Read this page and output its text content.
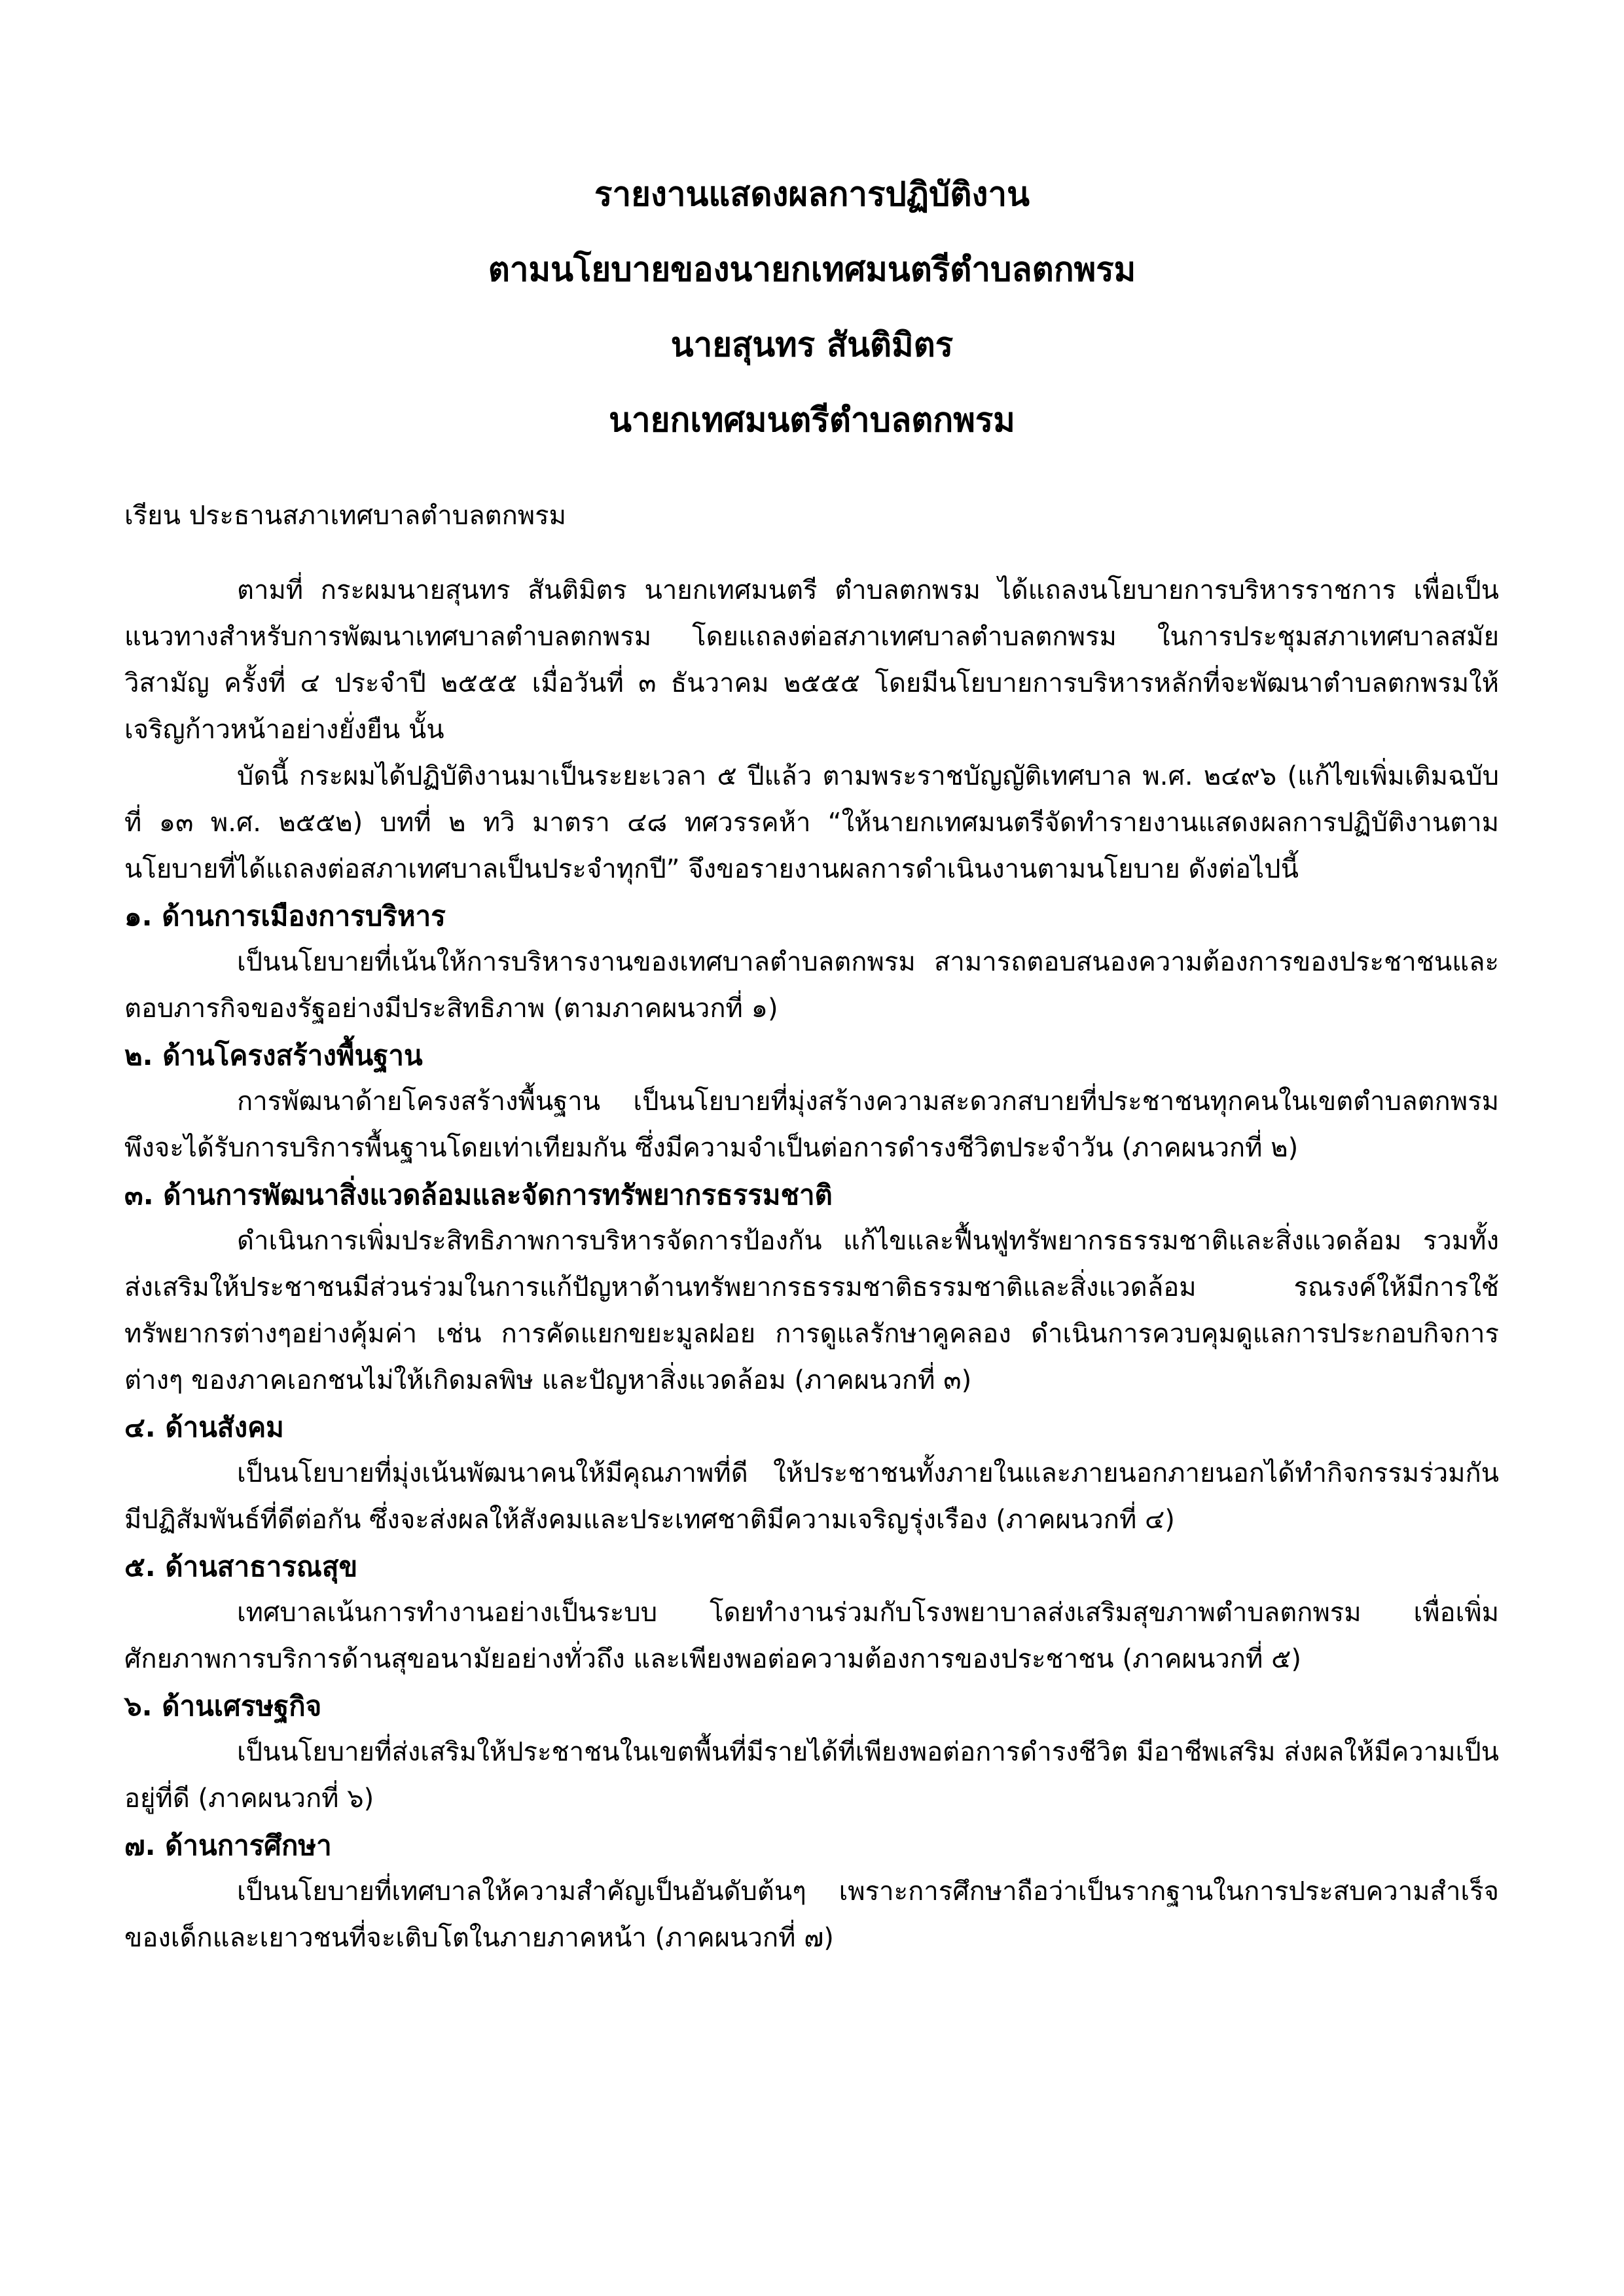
รายงานแสดงผลการปฏิบัติงาน
ตามนโยบายของนายกเทศมนตรีตำบลตกพรม
นายสุนทร สันติมิตร
นายกเทศมนตรีตำบลตกพรม

เรียน ประธานสภาเทศบาลตำบลตกพรม

ตามที่ กระผมนายสุนทร สันติมิตร นายกเทศมนตรี ตำบลตกพรม ได้แถลงนโยบายการบริหารราชการ เพื่อเป็นแนวทางสำหรับการพัฒนาเทศบาลตำบลตกพรม โดยแถลงต่อสภาเทศบาลตำบลตกพรม ในการประชุมสภาเทศบาลสมัยวิสามัญ ครั้งที่ ๔ ประจำปี ๒๕๕๕ เมื่อวันที่ ๓ ธันวาคม ๒๕๕๕ โดยมีนโยบายการบริหารหลักที่จะพัฒนาตำบลตกพรมให้เจริญก้าวหน้าอย่างยั่งยืน นั้น

บัดนี้ กระผมได้ปฏิบัติงานมาเป็นระยะเวลา ๕ ปีแล้ว ตามพระราชบัญญัติเทศบาล พ.ศ. ๒๔๙๖ (แก้ไขเพิ่มเติมฉบับที่ ๑๓ พ.ศ. ๒๕๕๒) บทที่ ๒ ทวิ มาตรา ๔๘ ทศวรรคห้า “ให้นายกเทศมนตรีจัดทำรายงานแสดงผลการปฏิบัติงานตามนโยบายที่ได้แถลงต่อสภาเทศบาลเป็นประจำทุกปี” จึงขอรายงานผลการดำเนินงานตามนโยบาย ดังต่อไปนี้

๑. ด้านการเมืองการบริหาร

เป็นนโยบายที่เน้นให้การบริหารงานของเทศบาลตำบลตกพรม สามารถตอบสนองความต้องการของประชาชนและตอบภารกิจของรัฐอย่างมีประสิทธิภาพ (ตามภาคผนวกที่ ๑)

๒. ด้านโครงสร้างพื้นฐาน

การพัฒนาด้ายโครงสร้างพื้นฐาน เป็นนโยบายที่มุ่งสร้างความสะดวกสบายที่ประชาชนทุกคนในเขตตำบลตกพรมพึงจะได้รับการบริการพื้นฐานโดยเท่าเทียมกัน ซึ่งมีความจำเป็นต่อการดำรงชีวิตประจำวัน (ภาคผนวกที่ ๒)

๓. ด้านการพัฒนาสิ่งแวดล้อมและจัดการทรัพยากรธรรมชาติ

ดำเนินการเพิ่มประสิทธิภาพการบริหารจัดการป้องกัน แก้ไขและฟื้นฟูทรัพยากรธรรมชาติและสิ่งแวดล้อม รวมทั้งส่งเสริมให้ประชาชนมีส่วนร่วมในการแก้ปัญหาด้านทรัพยากรธรรมชาติธรรมชาติและสิ่งแวดล้อม รณรงค์ให้มีการใช้ทรัพยากรต่างๆอย่างคุ้มค่า เช่น การคัดแยกขยะมูลฝอย การดูแลรักษาคูคลอง ดำเนินการควบคุมดูแลการประกอบกิจการต่างๆ ของภาคเอกชนไม่ให้เกิดมลพิษ และปัญหาสิ่งแวดล้อม (ภาคผนวกที่ ๓)

๔. ด้านสังคม

เป็นนโยบายที่มุ่งเน้นพัฒนาคนให้มีคุณภาพที่ดี ให้ประชาชนทั้งภายในและภายนอกภายนอกได้ทำกิจกรรมร่วมกันมีปฏิสัมพันธ์ที่ดีต่อกัน ซึ่งจะส่งผลให้สังคมและประเทศชาติมีความเจริญรุ่งเรือง (ภาคผนวกที่ ๔)

๕. ด้านสาธารณสุข

เทศบาลเน้นการทำงานอย่างเป็นระบบ โดยทำงานร่วมกับโรงพยาบาลส่งเสริมสุขภาพตำบลตกพรม เพื่อเพิ่มศักยภาพการบริการด้านสุขอนามัยอย่างทั่วถึง และเพียงพอต่อความต้องการของประชาชน (ภาคผนวกที่ ๕)

๖. ด้านเศรษฐกิจ

เป็นนโยบายที่ส่งเสริมให้ประชาชนในเขตพื้นที่มีรายได้ที่เพียงพอต่อการดำรงชีวิต มีอาชีพเสริม ส่งผลให้มีความเป็นอยู่ที่ดี (ภาคผนวกที่ ๖)

๗. ด้านการศึกษา

เป็นนโยบายที่เทศบาลให้ความสำคัญเป็นอันดับต้นๆ เพราะการศึกษาถือว่าเป็นรากฐานในการประสบความสำเร็จของเด็กและเยาวชนที่จะเติบโตในภายภาคหน้า (ภาคผนวกที่ ๗)
